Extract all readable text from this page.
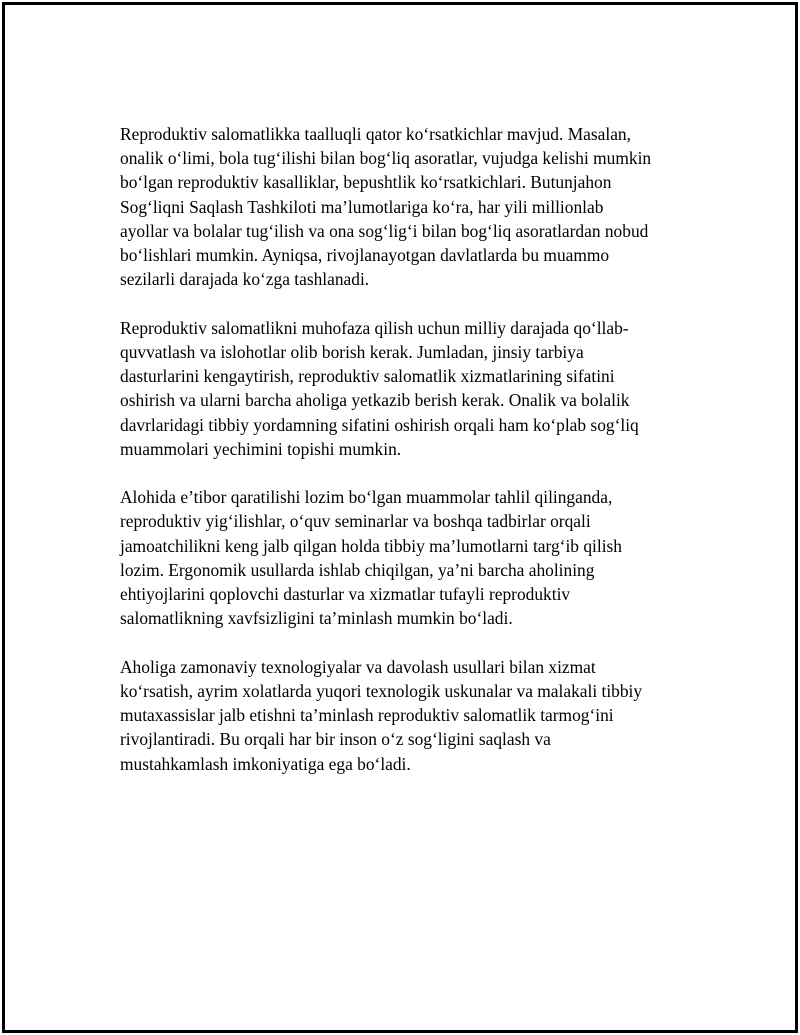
Reproduktiv salomatlikka taalluqli qator ko‘rsatkichlar mavjud. Masalan,
onalik o‘limi, bola tug‘ilishi bilan bog‘liq asoratlar, vujudga kelishi mumkin
bo‘lgan reproduktiv kasalliklar, bepushtlik ko‘rsatkichlari. Butunjahon
Sog‘liqni Saqlash Tashkiloti ma’lumotlariga ko‘ra, har yili millionlab
ayollar va bolalar tug‘ilish va ona sog‘lig‘i bilan bog‘liq asoratlardan nobud
bo‘lishlari mumkin. Ayniqsa, rivojlanayotgan davlatlarda bu muammo
sezilarli darajada ko‘zga tashlanadi.

Reproduktiv salomatlikni muhofaza qilish uchun milliy darajada qo‘llab-
quvvatlash va islohotlar olib borish kerak. Jumladan, jinsiy tarbiya
dasturlarini kengaytirish, reproduktiv salomatlik xizmatlarining sifatini
oshirish va ularni barcha aholiga yetkazib berish kerak. Onalik va bolalik
davrlaridagi tibbiy yordamning sifatini oshirish orqali ham ko‘plab sog‘liq
muammolari yechimini topishi mumkin.

Alohida e’tibor qaratilishi lozim bo‘lgan muammolar tahlil qilinganda,
reproduktiv yig‘ilishlar, o‘quv seminarlar va boshqa tadbirlar orqali
jamoatchilikni keng jalb qilgan holda tibbiy ma’lumotlarni targ‘ib qilish
lozim. Ergonomik usullarda ishlab chiqilgan, ya’ni barcha aholining
ehtiyojlarini qoplovchi dasturlar va xizmatlar tufayli reproduktiv
salomatlikning xavfsizligini ta’minlash mumkin bo‘ladi.

Aholiga zamonaviy texnologiyalar va davolash usullari bilan xizmat
ko‘rsatish, ayrim xolatlarda yuqori texnologik uskunalar va malakali tibbiy
mutaxassislar jalb etishni ta’minlash reproduktiv salomatlik tarmog‘ini
rivojlantiradi. Bu orqali har bir inson o‘z sog‘ligini saqlash va
mustahkamlash imkoniyatiga ega bo‘ladi.
